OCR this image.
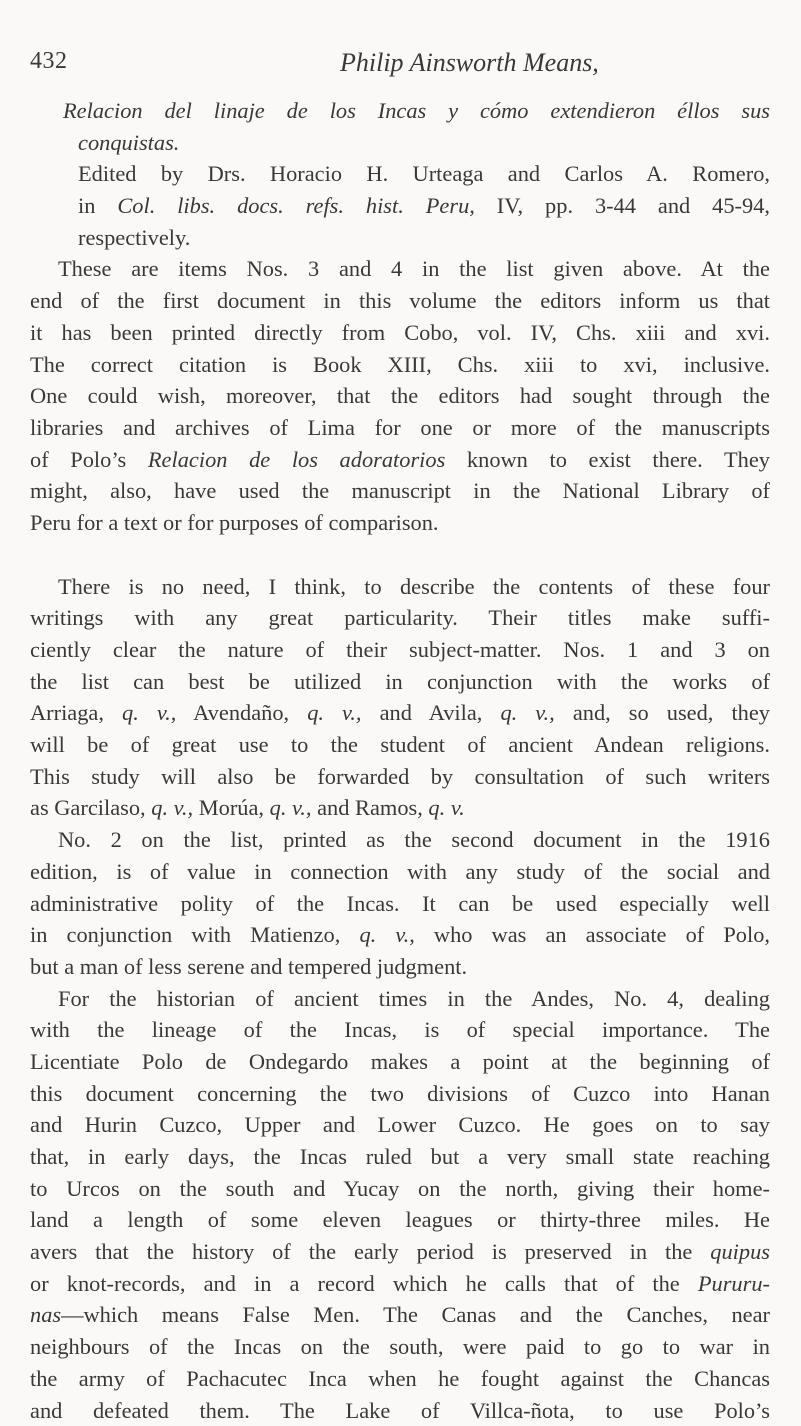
432	Philip Ainsworth Means,
Relacion del linaje de los Incas y cómo extendieron éllos sus
conquistas.
Edited by Drs. Horacio H. Urteaga and Carlos A. Romero,
in Col. libs. docs. refs. hist. Peru, IV, pp. 3-44 and 45-94,
respectively.
These are items Nos. 3 and 4 in the list given above. At the
end of the first document in this volume the editors inform us that
it has been printed directly from Cobo, vol. IV, Chs. xiii and xvi.
The correct citation is Book XIII, Chs. xiii to xvi, inclusive.
One could wish, moreover, that the editors had sought through the
libraries and archives of Lima for one or more of the manuscripts
of Polo’s Relacion de los adoratorios known to exist there. They
might, also, have used the manuscript in the National Library of
Peru for a text or for purposes of comparison.
There is no need, I think, to describe the contents of these four
writings with any great particularity. Their titles make suffi-
ciently clear the nature of their subject-matter. Nos. 1 and 3 on
the list can best be utilized in conjunction with the works of
Arriaga, q. v., Avendaño, q. v., and Avila, q. v., and, so used, they
will be of great use to the student of ancient Andean religions.
This study will also be forwarded by consultation of such writers
as Garcilaso, q. v., Morúa, q. v., and Ramos, q. v.
No. 2 on the list, printed as the second document in the 1916
edition, is of value in connection with any study of the social and
administrative polity of the Incas. It can be used especially well
in conjunction with Matienzo, q. v., who was an associate of Polo,
but a man of less serene and tempered judgment.
For the historian of ancient times in the Andes, No. 4, dealing
with the lineage of the Incas, is of special importance. The
Licentiate Polo de Ondegardo makes a point at the beginning of
this document concerning the two divisions of Cuzco into Hanan
and Hurin Cuzco, Upper and Lower Cuzco. He goes on to say
that, in early days, the Incas ruled but a very small state reaching
to Urcos on the south and Yucay on the north, giving their home-
land a length of some eleven leagues or thirty-three miles. He
avers that the history of the early period is preserved in the quipus
or knot-records, and in a record which he calls that of the Pururu-
nas—which means False Men. The Canas and the Canches, near
neighbours of the Incas on the south, were paid to go to war in
the army of Pachacutec Inca when he fought against the Chancas
and defeated them. The Lake of Villca-ñota, to use Polo’s
